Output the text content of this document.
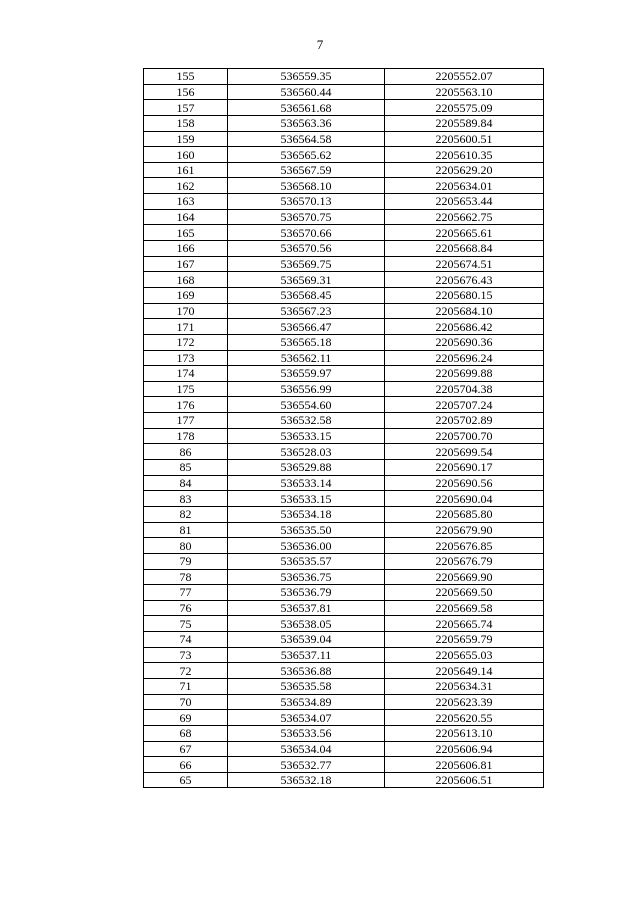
7
155	536559.35	2205552.07
156	536560.44	2205563.10
157	536561.68	2205575.09
158	536563.36	2205589.84
159	536564.58	2205600.51
160	536565.62	2205610.35
161	536567.59	2205629.20
162	536568.10	2205634.01
163	536570.13	2205653.44
164	536570.75	2205662.75
165	536570.66	2205665.61
166	536570.56	2205668.84
167	536569.75	2205674.51
168	536569.31	2205676.43
169	536568.45	2205680.15
170	536567.23	2205684.10
171	536566.47	2205686.42
172	536565.18	2205690.36
173	536562.11	2205696.24
174	536559.97	2205699.88
175	536556.99	2205704.38
176	536554.60	2205707.24
177	536532.58	2205702.89
178	536533.15	2205700.70
86	536528.03	2205699.54
85	536529.88	2205690.17
84	536533.14	2205690.56
83	536533.15	2205690.04
82	536534.18	2205685.80
81	536535.50	2205679.90
80	536536.00	2205676.85
79	536535.57	2205676.79
78	536536.75	2205669.90
77	536536.79	2205669.50
76	536537.81	2205669.58
75	536538.05	2205665.74
74	536539.04	2205659.79
73	536537.11	2205655.03
72	536536.88	2205649.14
71	536535.58	2205634.31
70	536534.89	2205623.39
69	536534.07	2205620.55
68	536533.56	2205613.10
67	536534.04	2205606.94
66	536532.77	2205606.81
65	536532.18	2205606.51
